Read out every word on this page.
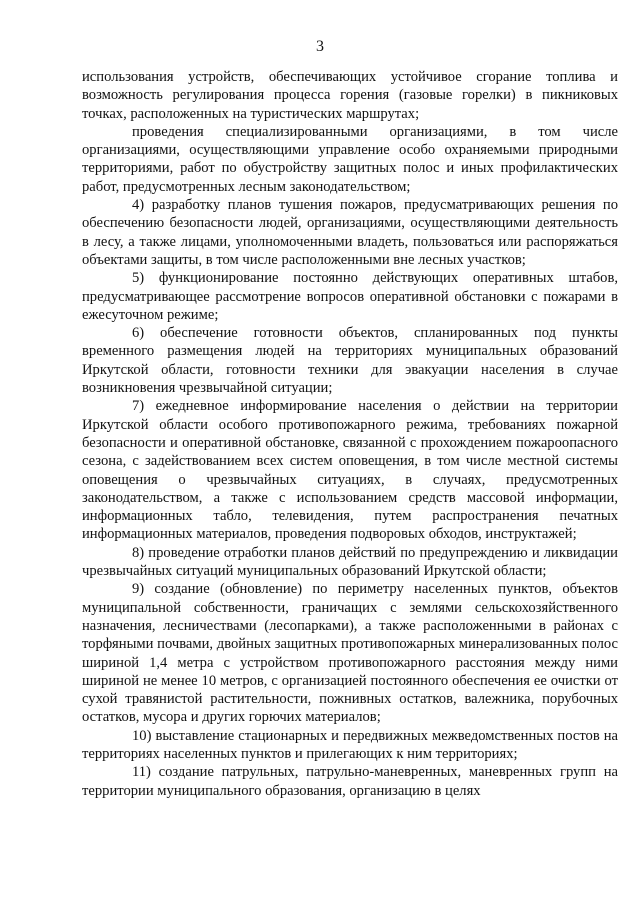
3

использования устройств, обеспечивающих устойчивое сгорание топлива и возможность регулирования процесса горения (газовые горелки) в пикниковых точках, расположенных на туристических маршрутах;

проведения специализированными организациями, в том числе организациями, осуществляющими управление особо охраняемыми природными территориями, работ по обустройству защитных полос и иных профилактических работ, предусмотренных лесным законодательством;

4) разработку планов тушения пожаров, предусматривающих решения по обеспечению безопасности людей, организациями, осуществляющими деятельность в лесу, а также лицами, уполномоченными владеть, пользоваться или распоряжаться объектами защиты, в том числе расположенными вне лесных участков;

5) функционирование постоянно действующих оперативных штабов, предусматривающее рассмотрение вопросов оперативной обстановки с пожарами в ежесуточном режиме;

6) обеспечение готовности объектов, спланированных под пункты временного размещения людей на территориях муниципальных образований Иркутской области, готовности техники для эвакуации населения в случае возникновения чрезвычайной ситуации;

7) ежедневное информирование населения о действии на территории Иркутской области особого противопожарного режима, требованиях пожарной безопасности и оперативной обстановке, связанной с прохождением пожароопасного сезона, с задействованием всех систем оповещения, в том числе местной системы оповещения о чрезвычайных ситуациях, в случаях, предусмотренных законодательством, а также с использованием средств массовой информации, информационных табло, телевидения, путем распространения печатных информационных материалов, проведения подворовых обходов, инструктажей;

8) проведение отработки планов действий по предупреждению и ликвидации чрезвычайных ситуаций муниципальных образований Иркутской области;

9) создание (обновление) по периметру населенных пунктов, объектов муниципальной собственности, граничащих с землями сельскохозяйственного назначения, лесничествами (лесопарками), а также расположенными в районах с торфяными почвами, двойных защитных противопожарных минерализованных полос шириной 1,4 метра с устройством противопожарного расстояния между ними шириной не менее 10 метров, с организацией постоянного обеспечения ее очистки от сухой травянистой растительности, пожнивных остатков, валежника, порубочных остатков, мусора и других горючих материалов;

10) выставление стационарных и передвижных межведомственных постов на территориях населенных пунктов и прилегающих к ним территориях;

11) создание патрульных, патрульно-маневренных, маневренных групп на территории муниципального образования, организацию в целях
